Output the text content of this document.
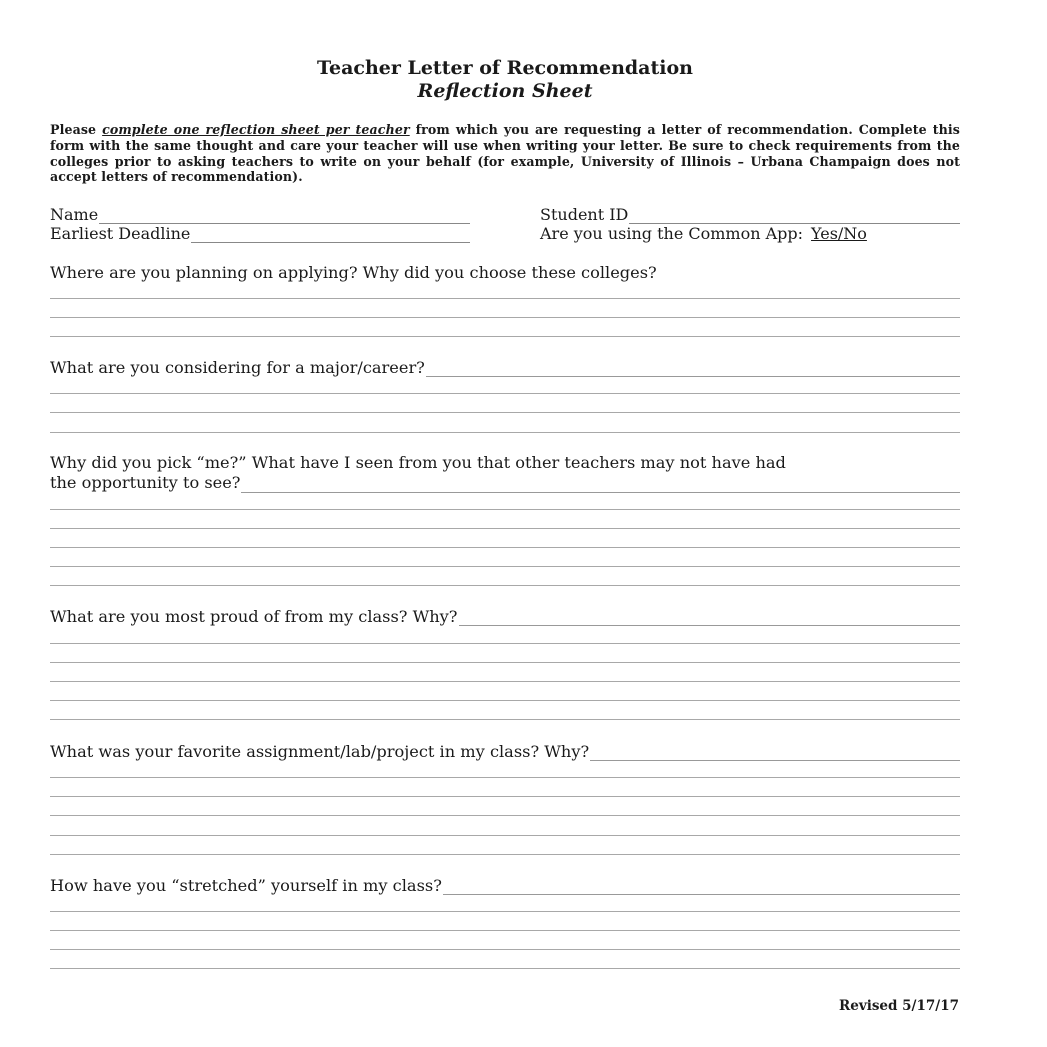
Teacher Letter of Recommendation
Reflection Sheet
Please complete one reflection sheet per teacher from which you are requesting a letter of recommendation. Complete this form with the same thought and care your teacher will use when writing your letter. Be sure to check requirements from the colleges prior to asking teachers to write on your behalf (for example, University of Illinois – Urbana Champaign does not accept letters of recommendation).
Name	Student ID
Earliest Deadline	Are you using the Common App: Yes/No
Where are you planning on applying? Why did you choose these colleges?
What are you considering for a major/career?
Why did you pick “me?” What have I seen from you that other teachers may not have had
the opportunity to see?
What are you most proud of from my class? Why?
What was your favorite assignment/lab/project in my class? Why?
How have you “stretched” yourself in my class?
Revised 5/17/17
